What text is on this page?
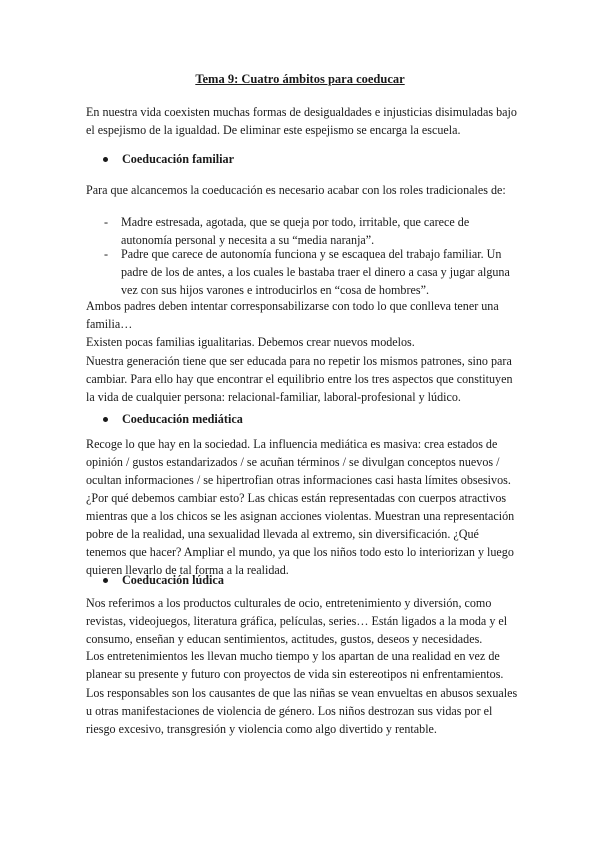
Tema 9: Cuatro ámbitos para coeducar

En nuestra vida coexisten muchas formas de desigualdades e injusticias disimuladas bajo el espejismo de la igualdad. De eliminar este espejismo se encarga la escuela.

Coeducación familiar

Para que alcancemos la coeducación es necesario acabar con los roles tradicionales de:

- Madre estresada, agotada, que se queja por todo, irritable, que carece de autonomía personal y necesita a su “media naranja”.
- Padre que carece de autonomía funciona y se escaquea del trabajo familiar. Un padre de los de antes, a los cuales le bastaba traer el dinero a casa y jugar alguna vez con sus hijos varones e introducirlos en “cosa de hombres”.

Ambos padres deben intentar corresponsabilizarse con todo lo que conlleva tener una familia…

Existen pocas familias igualitarias. Debemos crear nuevos modelos.

Nuestra generación tiene que ser educada para no repetir los mismos patrones, sino para cambiar. Para ello hay que encontrar el equilibrio entre los tres aspectos que constituyen la vida de cualquier persona: relacional-familiar, laboral-profesional y lúdico.

Coeducación mediática

Recoge lo que hay en la sociedad. La influencia mediática es masiva: crea estados de opinión / gustos estandarizados / se acuñan términos / se divulgan conceptos nuevos / ocultan informaciones / se hipertrofian otras informaciones casi hasta límites obsesivos.

¿Por qué debemos cambiar esto? Las chicas están representadas con cuerpos atractivos mientras que a los chicos se les asignan acciones violentas. Muestran una representación pobre de la realidad, una sexualidad llevada al extremo, sin diversificación. ¿Qué tenemos que hacer? Ampliar el mundo, ya que los niños todo esto lo interiorizan y luego quieren llevarlo de tal forma a la realidad.

Coeducación lúdica

Nos referimos a los productos culturales de ocio, entretenimiento y diversión, como revistas, videojuegos, literatura gráfica, películas, series… Están ligados a la moda y el consumo, enseñan y educan sentimientos, actitudes, gustos, deseos y necesidades.

Los entretenimientos les llevan mucho tiempo y los apartan de una realidad en vez de planear su presente y futuro con proyectos de vida sin estereotipos ni enfrentamientos.

Los responsables son los causantes de que las niñas se vean envueltas en abusos sexuales u otras manifestaciones de violencia de género. Los niños destrozan sus vidas por el riesgo excesivo, transgresión y violencia como algo divertido y rentable.
